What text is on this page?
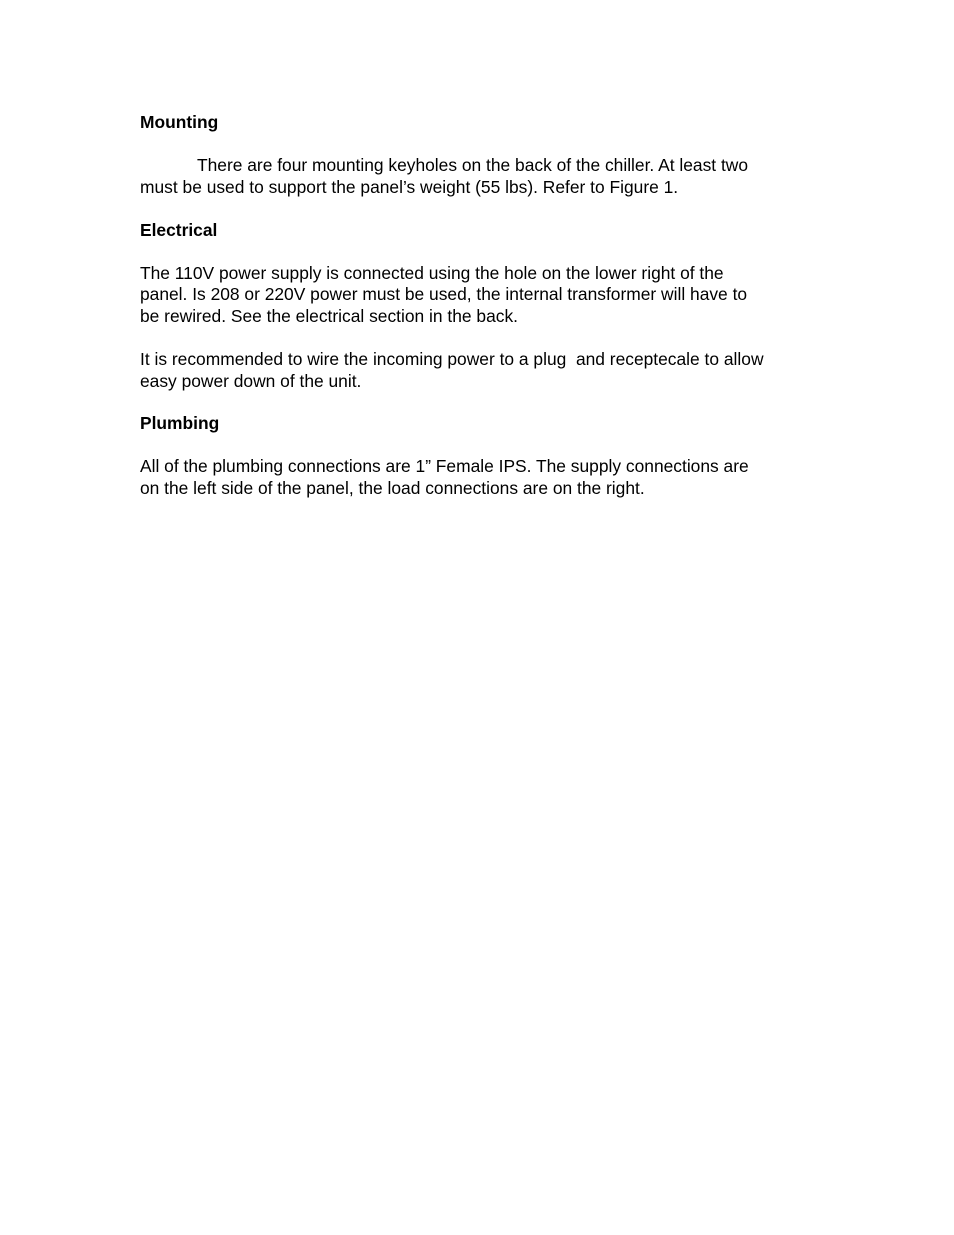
Mounting

There are four mounting keyholes on the back of the chiller. At least two

must be used to support the panel’s weight (55 lbs). Refer to Figure 1.

Electrical

The 110V power supply is connected using the hole on the lower right of the

panel. Is 208 or 220V power must be used, the internal transformer will have to

be rewired. See the electrical section in the back.

It is recommended to wire the incoming power to a plug  and receptecale to allow

easy power down of the unit.

Plumbing

All of the plumbing connections are 1” Female IPS. The supply connections are

on the left side of the panel, the load connections are on the right.
